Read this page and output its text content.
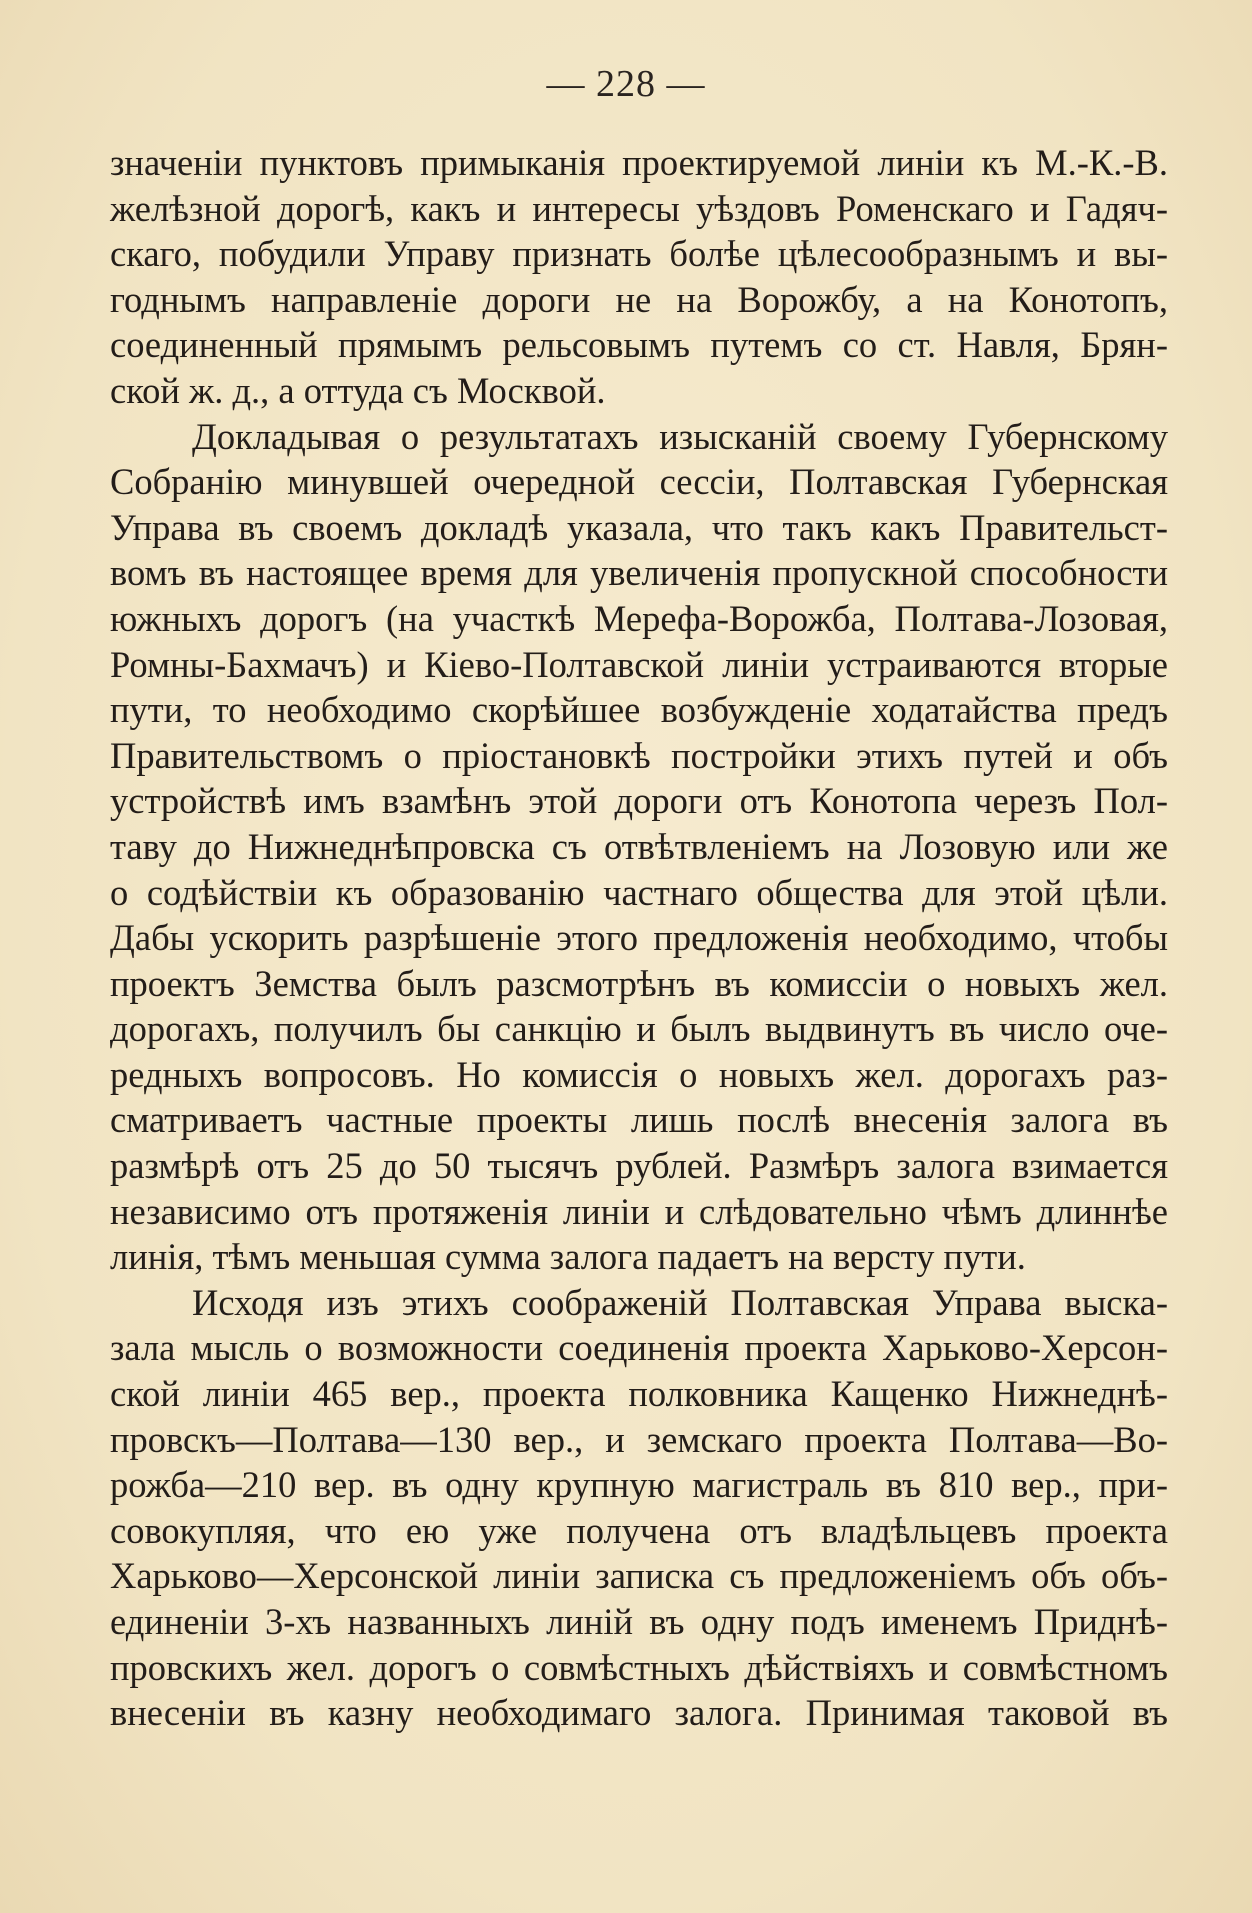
— 228 —
значенiи пунктовъ примыканiя проектируемой линiи къ М.-К.-В.
желѣзной дорогѣ, какъ и интересы уѣздовъ Роменскаго и Гадяч-
скаго, побудили Управу признать болѣе цѣлесообразнымъ и вы-
годнымъ направленiе дороги не на Ворожбу, а на Конотопъ,
соединенный прямымъ рельсовымъ путемъ со ст. Навля, Брян-
ской ж. д., а оттуда съ Москвой.
Докладывая о результатахъ изысканiй своему Губернскому
Собранiю минувшей очередной сессiи, Полтавская Губернская
Управа въ своемъ докладѣ указала, что такъ какъ Правительст-
вомъ въ настоящее время для увеличенiя пропускной способности
южныхъ дорогъ (на участкѣ Мерефа-Ворожба, Полтава-Лозовая,
Ромны-Бахмачъ) и Кiево-Полтавской линiи устраиваются вторые
пути, то необходимо скорѣйшее возбужденiе ходатайства предъ
Правительствомъ о прiостановкѣ постройки этихъ путей и объ
устройствѣ имъ взамѣнъ этой дороги отъ Конотопа черезъ Пол-
таву до Нижнеднѣпровска съ отвѣтвленiемъ на Лозовую или же
о содѣйствiи къ образованiю частнаго общества для этой цѣли.
Дабы ускорить разрѣшенiе этого предложенiя необходимо, чтобы
проектъ Земства былъ разсмотрѣнъ въ комиссiи о новыхъ жел.
дорогахъ, получилъ бы санкцiю и былъ выдвинутъ въ число оче-
редныхъ вопросовъ. Но комиссiя о новыхъ жел. дорогахъ раз-
сматриваетъ частные проекты лишь послѣ внесенiя залога въ
размѣрѣ отъ 25 до 50 тысячъ рублей. Размѣръ залога взимается
независимо отъ протяженiя линiи и слѣдовательно чѣмъ длиннѣе
линiя, тѣмъ меньшая сумма залога падаетъ на версту пути.
Исходя изъ этихъ соображенiй Полтавская Управа выска-
зала мысль о возможности соединенiя проекта Харьково-Херсон-
ской линiи 465 вер., проекта полковника Кащенко Нижнеднѣ-
провскъ—Полтава—130 вер., и земскаго проекта Полтава—Во-
рожба—210 вер. въ одну крупную магистраль въ 810 вер., при-
совокупляя, что ею уже получена отъ владѣльцевъ проекта
Харьково—Херсонской линiи записка съ предложенiемъ объ объ-
единенiи 3-хъ названныхъ линiй въ одну подъ именемъ Приднѣ-
провскихъ жел. дорогъ о совмѣстныхъ дѣйствiяхъ и совмѣстномъ
внесенiи въ казну необходимаго залога. Принимая таковой въ
